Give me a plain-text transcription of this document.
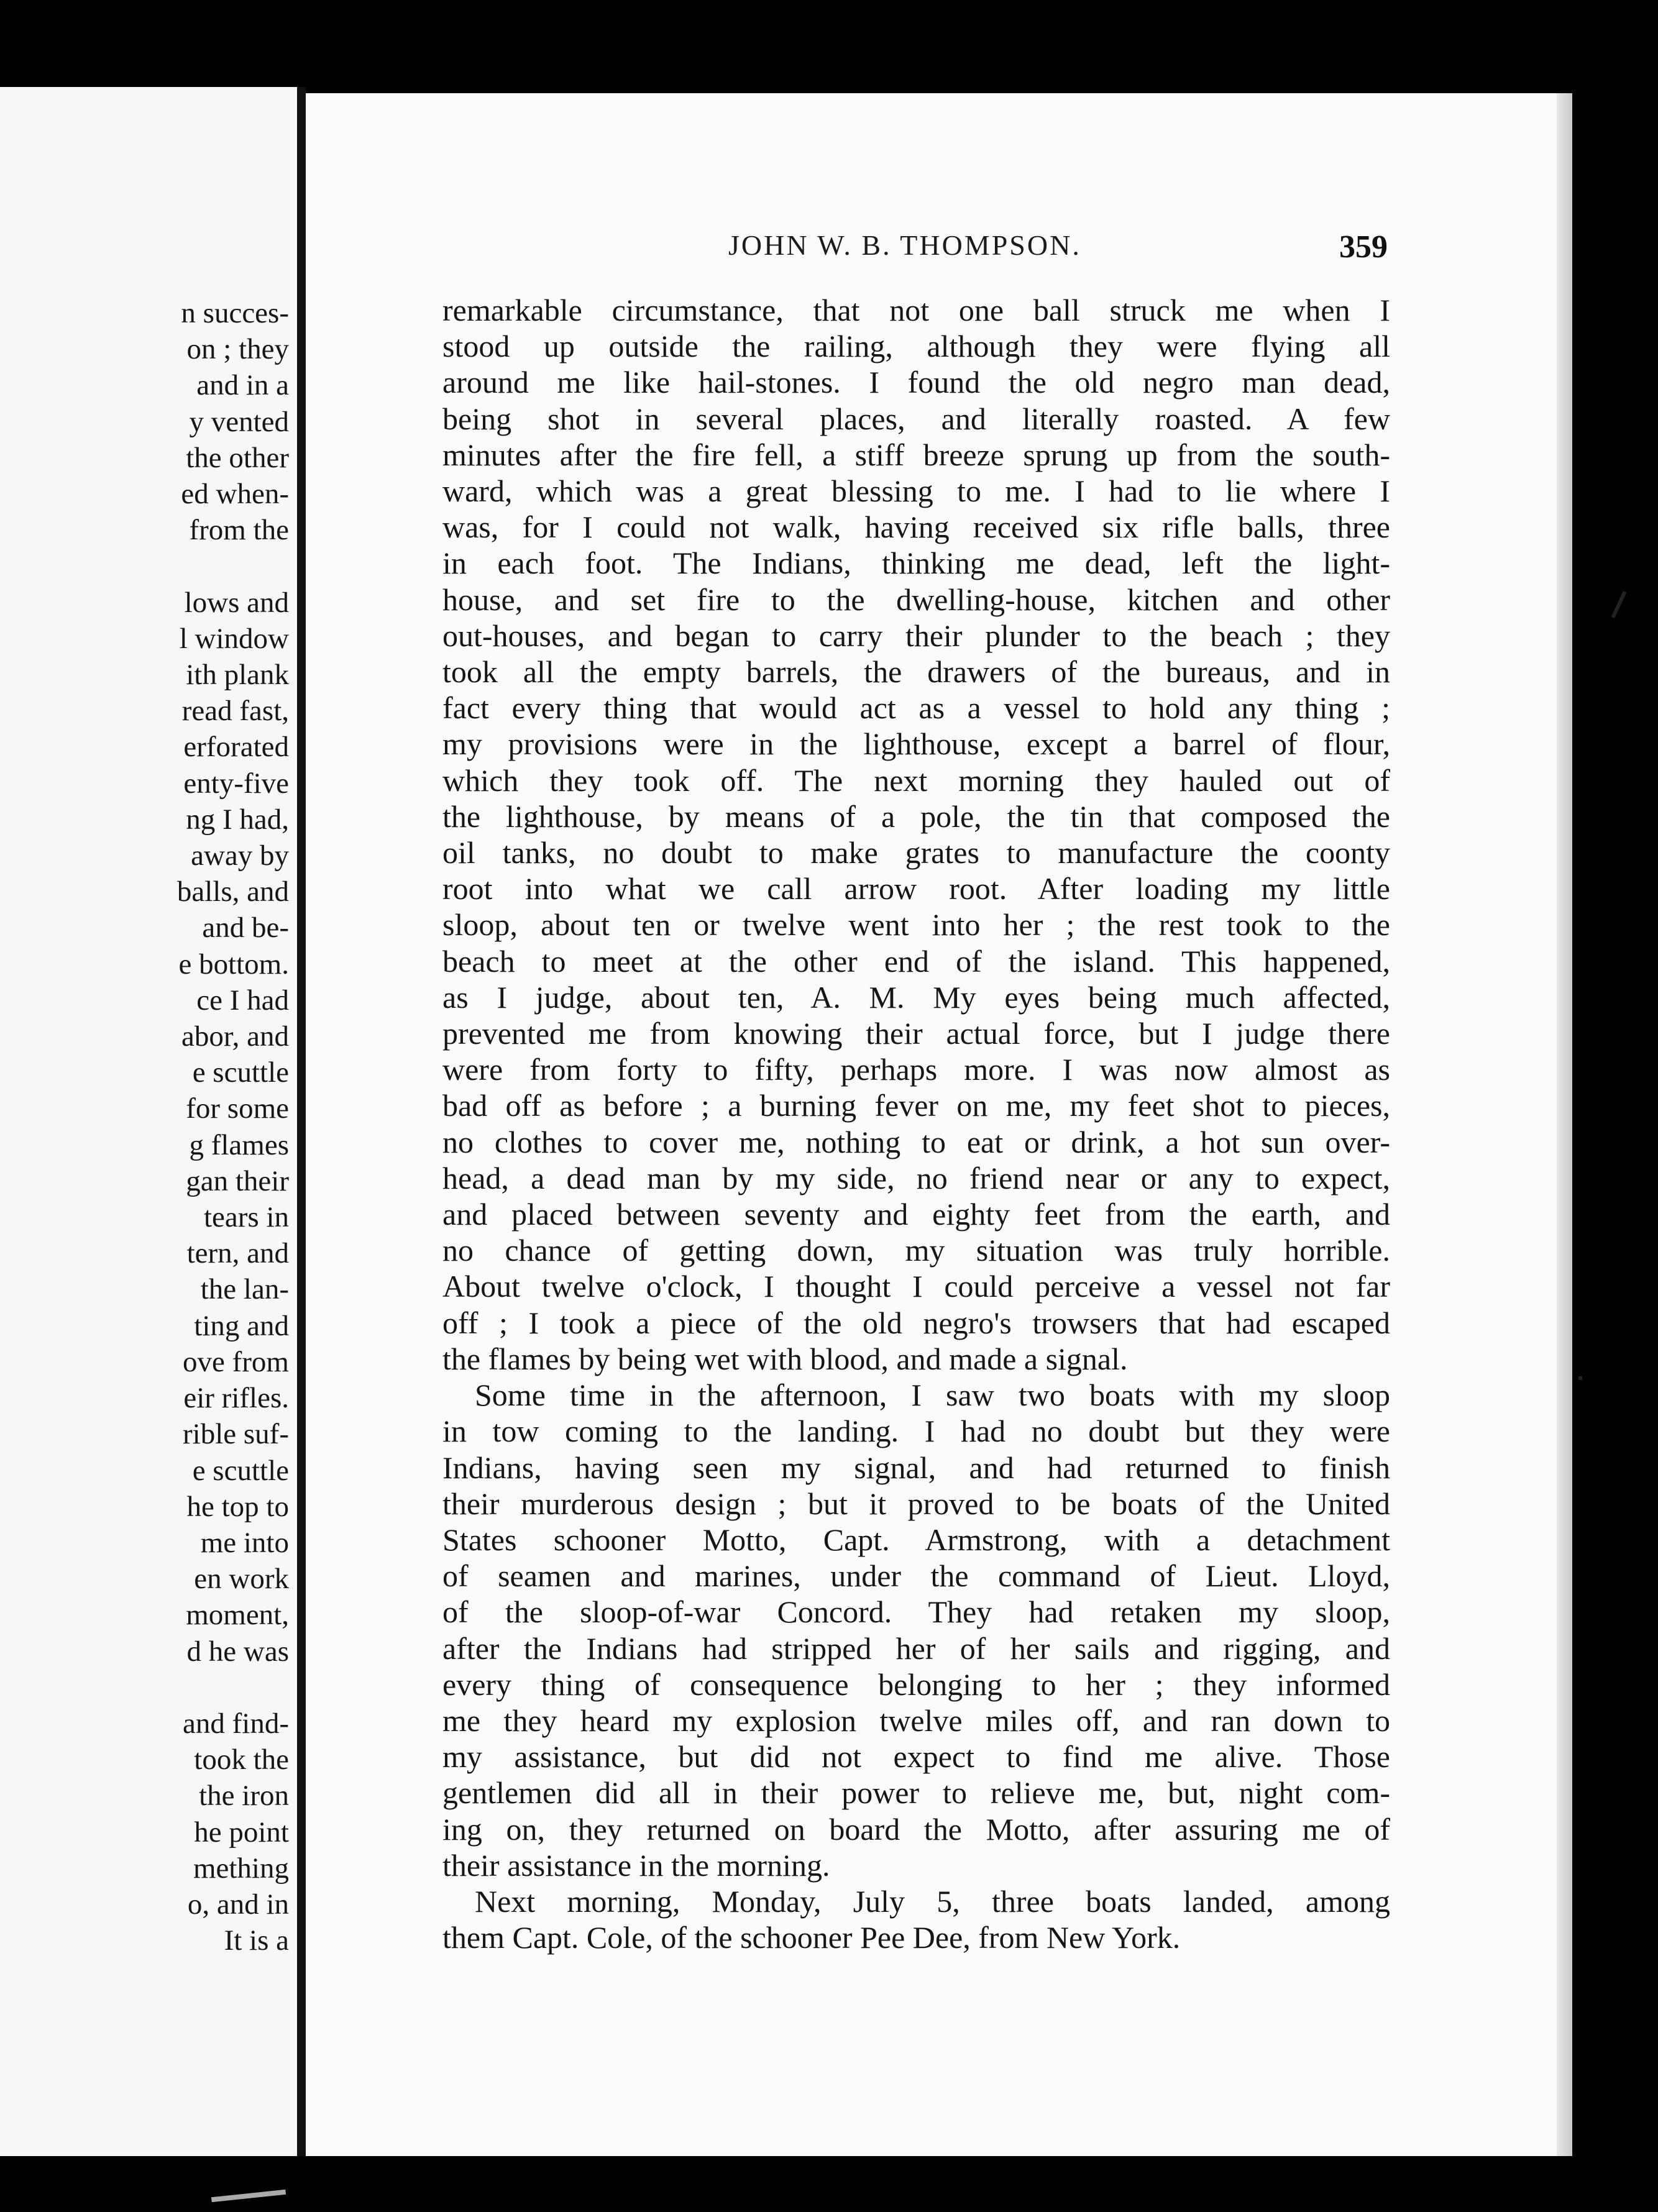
n succes-
on ; they
and in a
y vented
the other
ed when-
from the

lows and
l window
ith plank
read fast,
erforated
enty-five
ng I had,
away by
balls, and
and be-
e bottom.
ce I had
abor, and
e scuttle
for some
g flames
gan their
tears in
tern, and
the lan-
ting and
ove from
eir rifles.
rible suf-
e scuttle
he top to
me into
en work
moment,
d he was

and find-
took the
the iron
he point
mething
o, and in
It is a
JOHN W. B. THOMPSON.	359

remarkable circumstance, that not one ball struck me when I
stood up outside the railing, although they were flying all
around me like hail-stones. I found the old negro man dead,
being shot in several places, and literally roasted. A few
minutes after the fire fell, a stiff breeze sprung up from the south-
ward, which was a great blessing to me. I had to lie where I
was, for I could not walk, having received six rifle balls, three
in each foot. The Indians, thinking me dead, left the light-
house, and set fire to the dwelling-house, kitchen and other
out-houses, and began to carry their plunder to the beach ; they
took all the empty barrels, the drawers of the bureaus, and in
fact every thing that would act as a vessel to hold any thing ;
my provisions were in the lighthouse, except a barrel of flour,
which they took off. The next morning they hauled out of
the lighthouse, by means of a pole, the tin that composed the
oil tanks, no doubt to make grates to manufacture the coonty
root into what we call arrow root. After loading my little
sloop, about ten or twelve went into her ; the rest took to the
beach to meet at the other end of the island. This happened,
as I judge, about ten, A. M. My eyes being much affected,
prevented me from knowing their actual force, but I judge there
were from forty to fifty, perhaps more. I was now almost as
bad off as before ; a burning fever on me, my feet shot to pieces,
no clothes to cover me, nothing to eat or drink, a hot sun over-
head, a dead man by my side, no friend near or any to expect,
and placed between seventy and eighty feet from the earth, and
no chance of getting down, my situation was truly horrible.
About twelve o'clock, I thought I could perceive a vessel not far
off ; I took a piece of the old negro's trowsers that had escaped
the flames by being wet with blood, and made a signal.

Some time in the afternoon, I saw two boats with my sloop
in tow coming to the landing. I had no doubt but they were
Indians, having seen my signal, and had returned to finish
their murderous design ; but it proved to be boats of the United
States schooner Motto, Capt. Armstrong, with a detachment
of seamen and marines, under the command of Lieut. Lloyd,
of the sloop-of-war Concord. They had retaken my sloop,
after the Indians had stripped her of her sails and rigging, and
every thing of consequence belonging to her ; they informed
me they heard my explosion twelve miles off, and ran down to
my assistance, but did not expect to find me alive. Those
gentlemen did all in their power to relieve me, but, night com-
ing on, they returned on board the Motto, after assuring me of
their assistance in the morning.

Next morning, Monday, July 5, three boats landed, among
them Capt. Cole, of the schooner Pee Dee, from New York.
